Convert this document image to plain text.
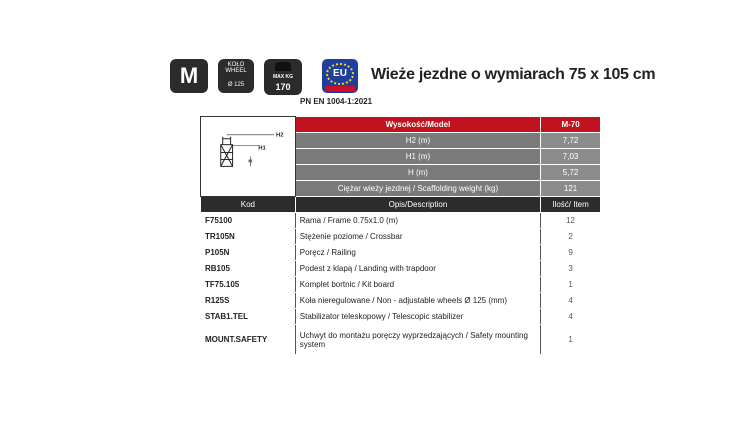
M	KOŁO
WHEEL
Ø 125
MAX KG
170
EU	Wieże jezdne o wymiarach 75 x 105 cm
PN EN 1004-1:2021
H2
H1
H	Wysokość/Model	M-70
	H2 (m)	7,72
	H1 (m)	7,03
	H (m)	5,72
	Ciężar wieży jezdnej / Scaffolding weight (kg)	121
Kod	Opis/Description	Ilość/ Item
F75100	Rama / Frame 0.75x1.0 (m)	12
TR105N	Stężenie poziome / Crossbar	2
P105N	Poręcz / Railing	9
RB105	Podest z klapą / Landing with trapdoor	3
TF75.105	Komplet bortnic / Kit board	1
R125S	Koła nieregulowane / Non - adjustable wheels Ø 125 (mm)	4
STAB1.TEL	Stabilizator teleskopowy / Telescopic stabilizer	4
MOUNT.SAFETY	Uchwyt do montażu poręczy wyprzedzających / Safety mounting system	1
